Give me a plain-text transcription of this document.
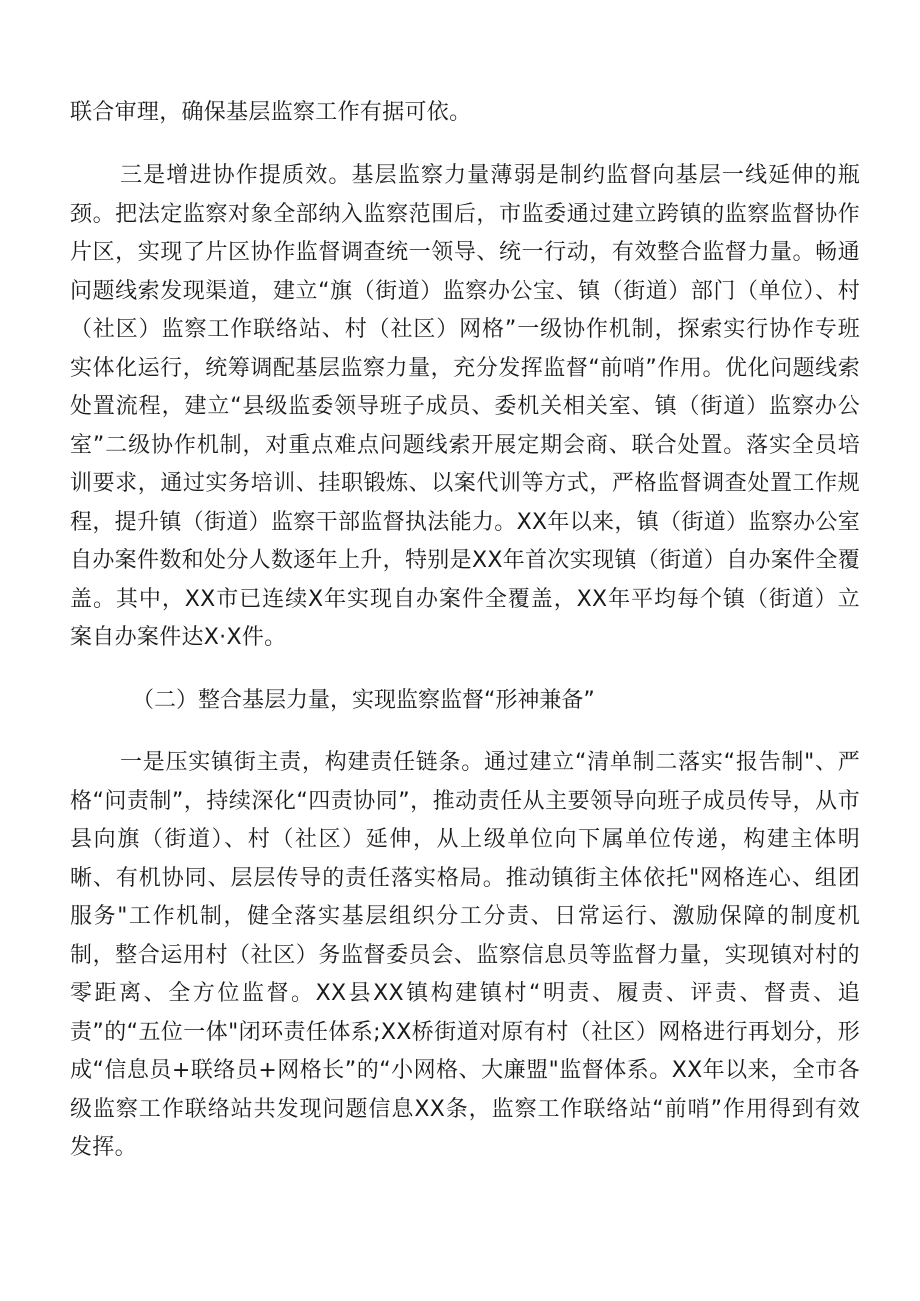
联合审理，确保基层监察工作有据可依。

三是增进协作提质效。基层监察力量薄弱是制约监督向基层一线延伸的瓶颈。把法定监察对象全部纳入监察范围后，市监委通过建立跨镇的监察监督协作片区，实现了片区协作监督调查统一领导、统一行动，有效整合监督力量。畅通问题线索发现渠道，建立“旗（街道）监察办公宝、镇（街道）部门（单位）、村（社区）监察工作联络站、村（社区）网格”一级协作机制，探索实行协作专班实体化运行，统筹调配基层监察力量，充分发挥监督“前哨”作用。优化问题线索处置流程，建立“县级监委领导班子成员、委机关相关室、镇（街道）监察办公室”二级协作机制，对重点难点问题线索开展定期会商、联合处置。落实全员培训要求，通过实务培训、挂职锻炼、以案代训等方式，严格监督调查处置工作规程，提升镇（街道）监察干部监督执法能力。XX年以来，镇（街道）监察办公室自办案件数和处分人数逐年上升，特别是XX年首次实现镇（街道）自办案件全覆盖。其中，XX市已连续X年实现自办案件全覆盖，XX年平均每个镇（街道）立案自办案件达X·X件。

（二）整合基层力量，实现监察监督“形神兼备”

一是压实镇街主责，构建责任链条。通过建立“清单制二落实“报告制"、严格“问责制”，持续深化“四责协同”，推动责任从主要领导向班子成员传导，从市县向旗（街道）、村（社区）延伸，从上级单位向下属单位传递，构建主体明晰、有机协同、层层传导的责任落实格局。推动镇街主体依托"网格连心、组团服务"工作机制，健全落实基层组织分工分责、日常运行、激励保障的制度机制，整合运用村（社区）务监督委员会、监察信息员等监督力量，实现镇对村的零距离、全方位监督。XX县XX镇构建镇村“明责、履责、评责、督责、追责”的“五位一体"闭环责任体系;XX桥街道对原有村（社区）网格进行再划分，形成“信息员+联络员+网格长”的“小网格、大廉盟"监督体系。XX年以来，全市各级监察工作联络站共发现问题信息XX条，监察工作联络站“前哨”作用得到有效发挥。
